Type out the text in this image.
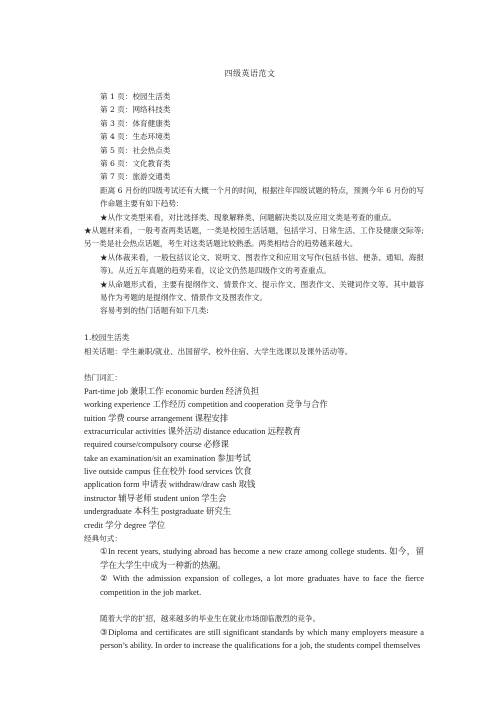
四级英语范文
第 1 页：校园生活类
第 2 页：网络科技类
第 3 页：体育健康类
第 4 页：生态环境类
第 5 页：社会热点类
第 6 页：文化教育类
第 7 页：旅游交通类
距离 6 月份的四级考试还有大概一个月的时间，根据往年四级试题的特点，预测今年 6 月份的写作命题主要有如下趋势：
★从作文类型来看，对比选择类、现象解释类、问题解决类以及应用文类是考查的重点。
★从题材来看，一般考查两类话题，一类是校园生活话题，包括学习、日常生活、工作及健康交际等;另一类是社会热点话题，考生对这类话题比较熟悉。两类相结合的趋势越来越大。
★从体裁来看，一般包括议论文、说明文、图表作文和应用文写作(包括书信、便条、通知、海报等)。从近五年真题的趋势来看，议论文仍然是四级作文的考查重点。
★从命题形式看，主要有提纲作文、情景作文、提示作文、图表作文、关键词作文等。其中最容易作为考题的是提纲作文、情景作文及图表作文。
容易考到的热门话题有如下几类:
1.校园生活类
相关话题：学生兼职/就业、出国留学、校外住宿、大学生选课以及课外活动等。
热门词汇：
Part-time job 兼职工作 economic burden 经济负担
working experience 工作经历 competition and cooperation 竞争与合作
tuition 学费 course arrangement 课程安排
extracurricular activities 课外活动 distance education 远程教育
required course/compulsory course 必修课
take an examination/sit an examination 参加考试
live outside campus 住在校外 food services 饮食
application form 申请表 withdraw/draw cash 取钱
instructor 辅导老师 student union 学生会
undergraduate 本科生 postgraduate 研究生
credit 学分 degree 学位
经典句式：
①In recent years, studying abroad has become a new craze among college students. 如今，留学在大学生中成为一种新的热潮。
② With the admission expansion of colleges, a lot more graduates have to face the fierce competition in the job market.
随着大学的扩招，越来越多的毕业生在就业市场面临激烈的竞争。
③Diploma and certificates are still significant standards by which many employers measure a person’s ability. In order to increase the qualifications for a job, the students compel themselves
